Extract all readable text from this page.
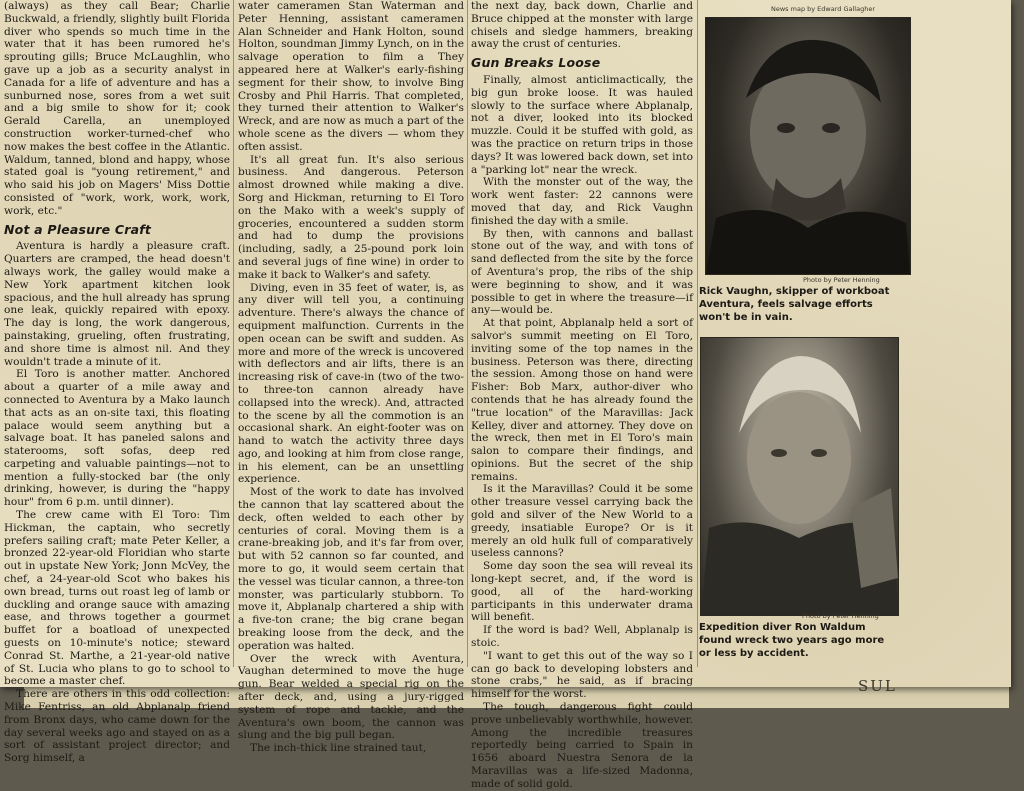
(always) as they call Bear; Charlie Buckwald, a friendly, slightly built Florida diver who spends so much time in the water that it has been rumored he's sprouting gills; Bruce McLaughlin, who gave up a job as a security analyst in Canada for a life of adventure and has a sunburned nose, sores from a wet suit and a big smile to show for it; cook Gerald Carella, an unemployed construction worker-turned-chef who now makes the best coffee in the Atlantic. Waldum, tanned, blond and happy, whose stated goal is "young retirement," and who said his job on Magers' Miss Dottie consisted of "work, work, work, work, work, etc."

Not a Pleasure Craft

Aventura is hardly a pleasure craft. Quarters are cramped, the head doesn't always work, the galley would make a New York apartment kitchen look spacious, and the hull already has sprung one leak, quickly repaired with epoxy. The day is long, the work dangerous, painstaking, grueling, often frustrating, and shore time is almost nil. And they wouldn't trade a minute of it.

El Toro is another matter. Anchored about a quarter of a mile away and connected to Aventura by a Mako launch that acts as an on-site taxi, this floating palace would seem anything but a salvage boat. It has paneled salons and staterooms, soft sofas, deep red carpeting and valuable paintings—not to mention a fully-stocked bar (the only drinking, however, is during the "happy hour" from 6 p.m. until dinner).

The crew came with El Toro: Tim Hickman, the captain, who secretly prefers sailing craft; mate Peter Keller, a bronzed 22-year-old Floridian who starte out in upstate New York; Jonn McVey, the chef, a 24-year-old Scot who bakes his own bread, turns out roast leg of lamb or duckling and orange sauce with amazing ease, and throws together a gourmet buffet for a boatload of unexpected guests on 10-minute's notice; steward Conrad St. Marthe, a 21-year-old native of St. Lucia who plans to go to school to become a master chef.

There are others in this odd collection: Mike Fentriss, an old Abplanalp friend from Bronx days, who came down for the day several weeks ago and stayed on as a sort of assistant project director; and Sorg himself, a

water cameramen Stan Waterman and Peter Henning, assistant cameramen Alan Schneider and Hank Holton, sound Holton, soundman Jimmy Lynch, on in the salvage operation to film a They appeared here at Walker's early-fishing segment for their show, to involve Bing Crosby and Phil Harris. That completed, they turned their attention to Walker's Wreck, and are now as much a part of the whole scene as the divers — whom they often assist.

It's all great fun. It's also serious business. And dangerous. Peterson almost drowned while making a dive. Sorg and Hickman, returning to El Toro on the Mako with a week's supply of groceries, encountered a sudden storm and had to dump the provisions (including, sadly, a 25-pound pork loin and several jugs of fine wine) in order to make it back to Walker's and safety.

Diving, even in 35 feet of water, is, as any diver will tell you, a continuing adventure. There's always the chance of equipment malfunction. Currents in the open ocean can be swift and sudden. As more and more of the wreck is uncovered with deflectors and air lifts, there is an increasing risk of cave-in (two of the two-to three-ton cannon already have collapsed into the wreck). And, attracted to the scene by all the commotion is an occasional shark. An eight-footer was on hand to watch the activity three days ago, and looking at him from close range, in his element, can be an unsettling experience.

Most of the work to date has involved the cannon that lay scattered about the deck, often welded to each other by centuries of coral. Moving them is a crane-breaking job, and it's far from over, but with 52 cannon so far counted, and more to go, it would seem certain that the vessel was ticular cannon, a three-ton monster, was particularly stubborn. To move it, Abplanalp chartered a ship with a five-ton crane; the big crane began breaking loose from the deck, and the operation was halted.

Over the wreck with Aventura, Vaughan determined to move the huge gun. Bear welded a special rig on the after deck, and, using a jury-rigged system of rope and tackle, and the Aventura's own boom, the cannon was slung and the big pull began.

The inch-thick line strained taut,

the next day, back down, Charlie and Bruce chipped at the monster with large chisels and sledge hammers, breaking away the crust of centuries.

Gun Breaks Loose

Finally, almost anticlimactically, the big gun broke loose. It was hauled slowly to the surface where Abplanalp, not a diver, looked into its blocked muzzle. Could it be stuffed with gold, as was the practice on return trips in those days? It was lowered back down, set into a "parking lot" near the wreck.

With the monster out of the way, the work went faster: 22 cannons were moved that day, and Rick Vaughn finished the day with a smile.

By then, with cannons and ballast stone out of the way, and with tons of sand deflected from the site by the force of Aventura's prop, the ribs of the ship were beginning to show, and it was possible to get in where the treasure—if any—would be.

At that point, Abplanalp held a sort of salvor's summit meeting on El Toro, inviting some of the top names in the business. Peterson was there, directing the session. Among those on hand were Fisher: Bob Marx, author-diver who contends that he has already found the "true location" of the Maravillas: Jack Kelley, diver and attorney. They dove on the wreck, then met in El Toro's main salon to compare their findings, and opinions. But the secret of the ship remains.

Is it the Maravillas? Could it be some other treasure vessel carrying back the gold and silver of the New World to a greedy, insatiable Europe? Or is it merely an old hulk full of comparatively useless cannons?

Some day soon the sea will reveal its long-kept secret, and, if the word is good, all of the hard-working participants in this underwater drama will benefit.

If the word is bad? Well, Abplanalp is stoic.

"I want to get this out of the way so I can go back to developing lobsters and stone crabs," he said, as if bracing himself for the worst.

The tough, dangerous fight could prove unbelievably worthwhile, however. Among the incredible treasures reportedly being carried to Spain in 1656 aboard Nuestra Senora de la Maravillas was a life-sized Madonna, made of solid gold.

News map by Edward Gallagher
Photo by Peter Henning
Rick Vaughn, skipper of workboat Aventura, feels salvage efforts won't be in vain.
Photo by Peter Henning
Expedition diver Ron Waldum found wreck two years ago more or less by accident.
SUL
